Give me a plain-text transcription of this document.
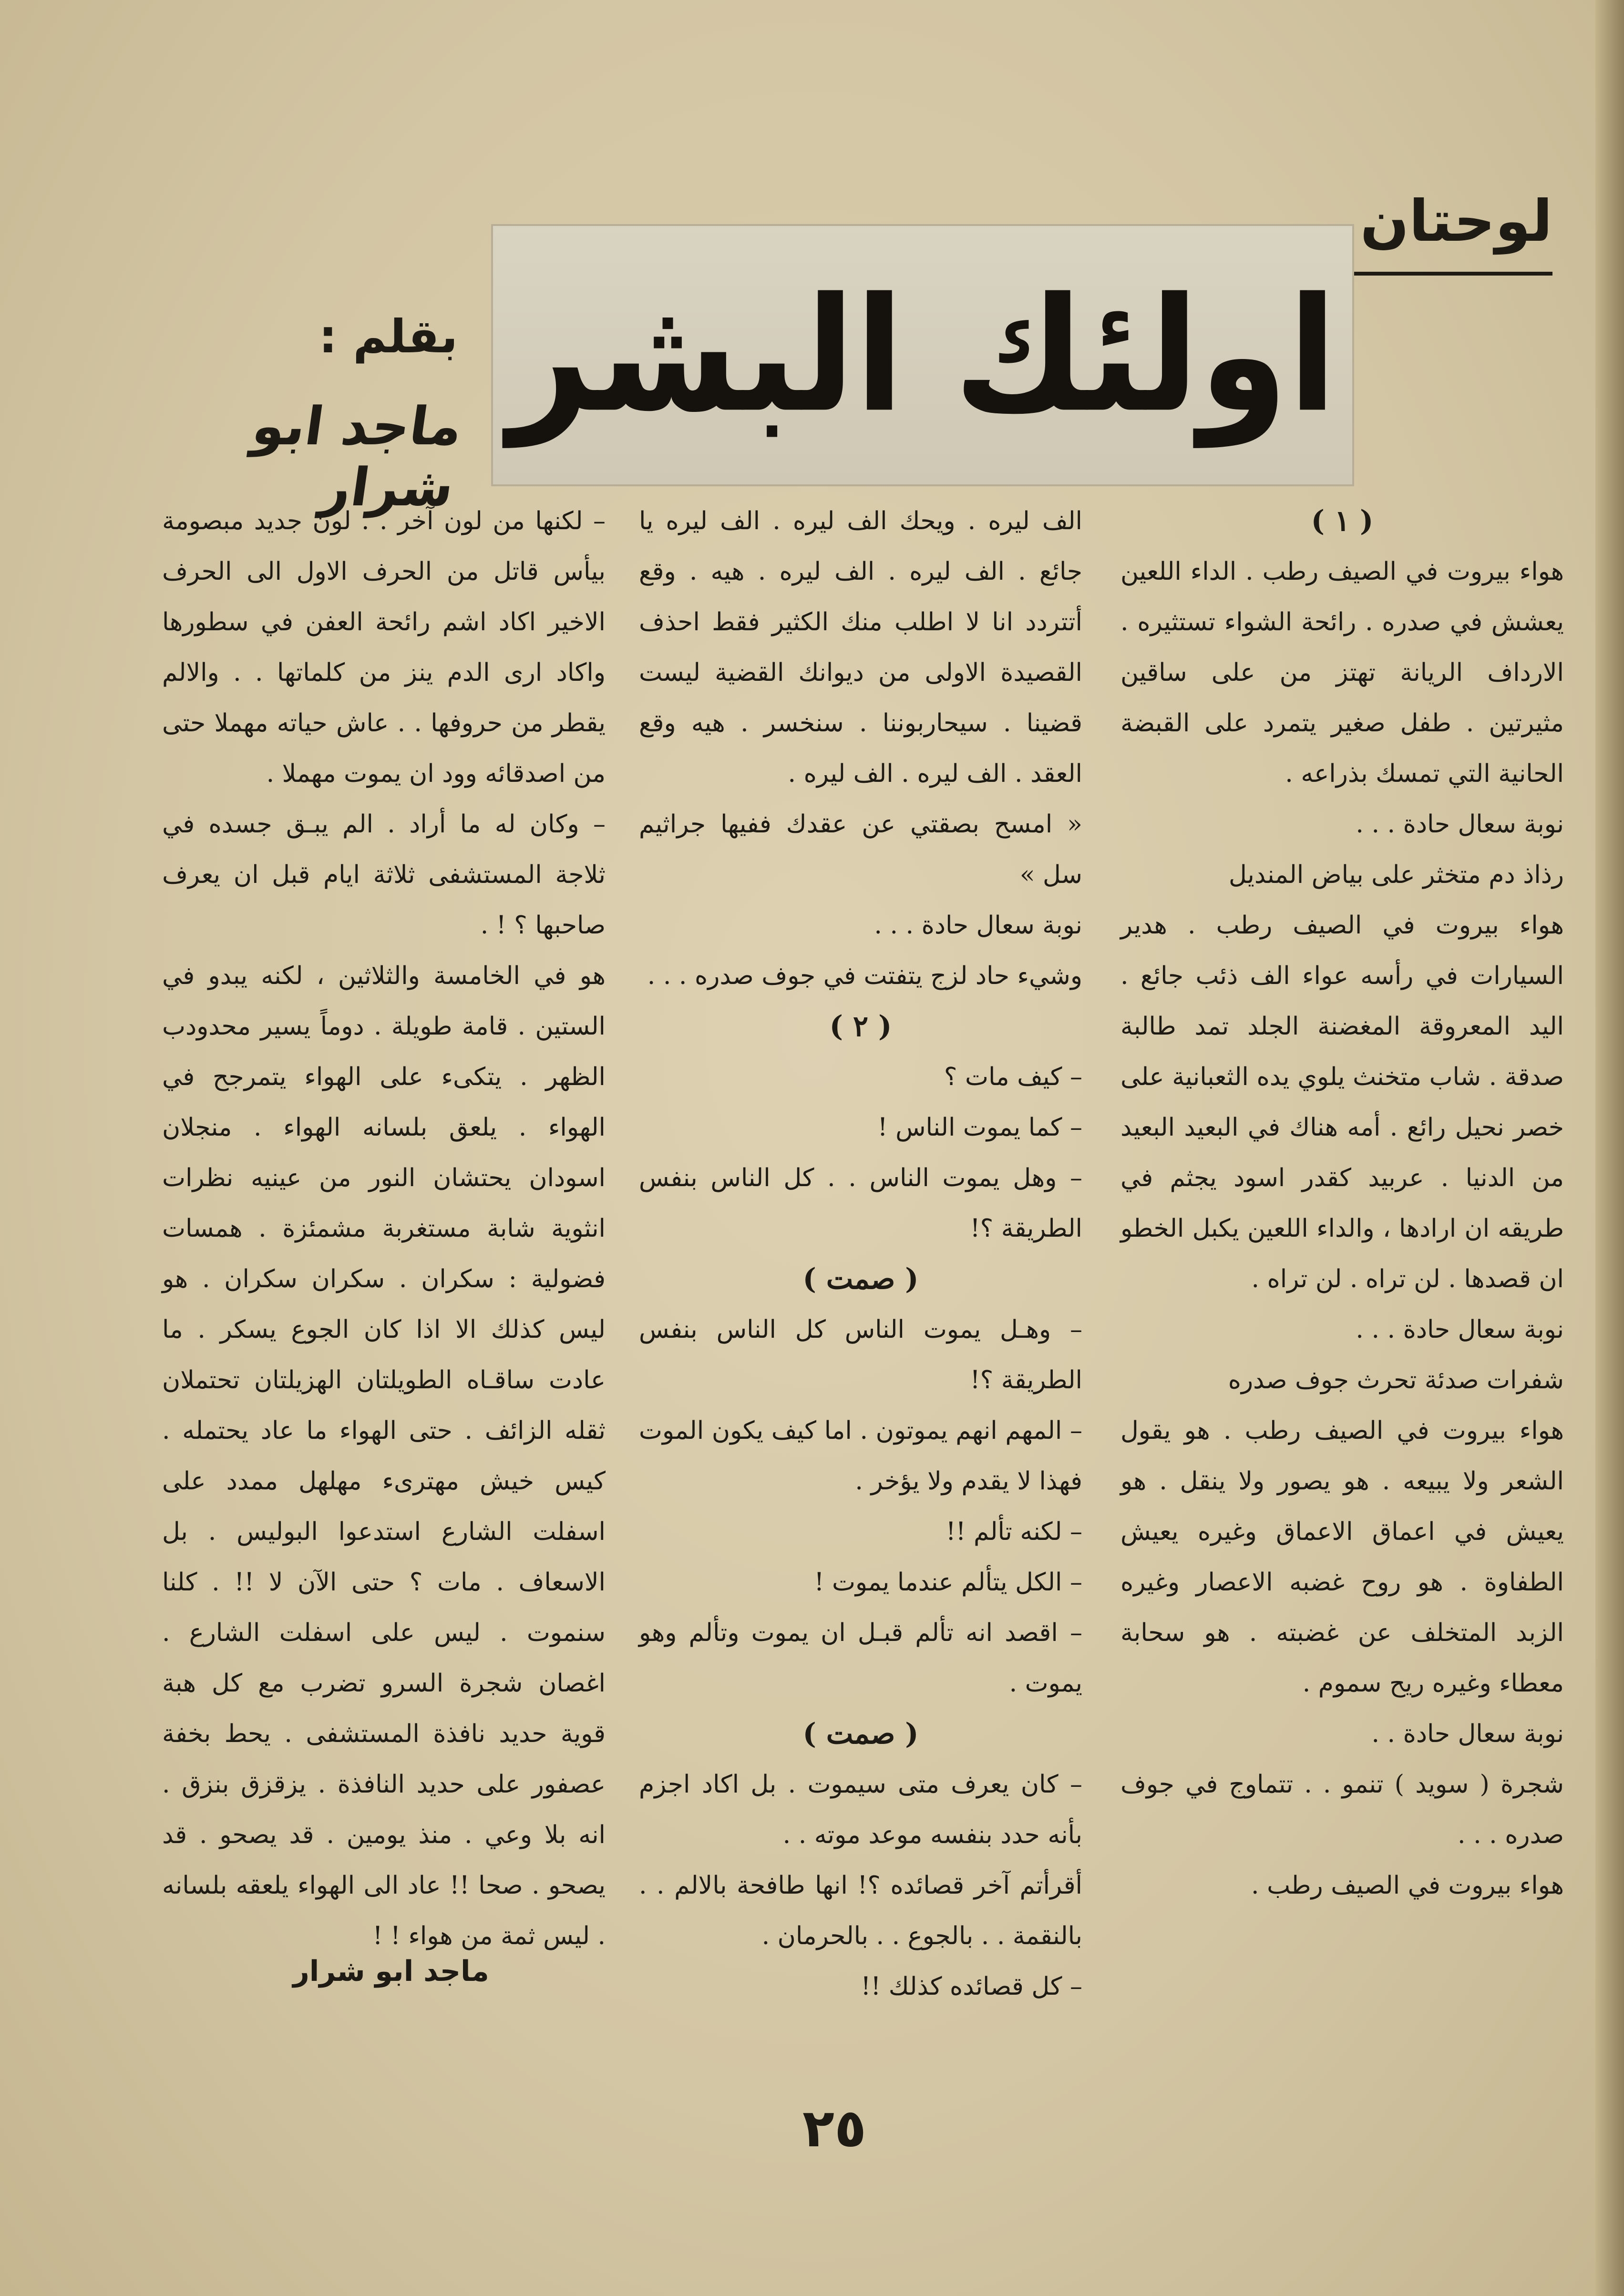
لوحتان
اولئك البشر
بقلم :
ماجد ابو شرار

( ١ )

هواء بيروت في الصيف رطب . الداء اللعين يعشش في صدره . رائحة الشواء تستثيره . الارداف الريانة تهتز من على ساقين مثيرتين . طفل صغير يتمرد على القبضة الحانية التي تمسك بذراعه .

نوبة سعال حادة . . .

رذاذ دم متخثر على بياض المنديل

هواء بيروت في الصيف رطب . هدير السيارات في رأسه عواء الف ذئب جائع . اليد المعروقة المغضنة الجلد تمد طالبة صدقة . شاب متخنث يلوي يده الثعبانية على خصر نحيل رائع . أمه هناك في البعيد البعيد من الدنيا . عربيد كقدر اسود يجثم في طريقه ان ارادها ، والداء اللعين يكبل الخطو ان قصدها . لن تراه . لن تراه .

نوبة سعال حادة . . .

شفرات صدئة تحرث جوف صدره

هواء بيروت في الصيف رطب . هو يقول الشعر ولا يبيعه . هو يصور ولا ينقل . هو يعيش في اعماق الاعماق وغيره يعيش الطفاوة . هو روح غضبه الاعصار وغيره الزبد المتخلف عن غضبته . هو سحابة معطاء وغيره ريح سموم .

نوبة سعال حادة . .

شجرة ( سويد ) تنمو . . تتماوج في جوف صدره . . .

هواء بيروت في الصيف رطب .

الف ليره . ويحك الف ليره . الف ليره يا جائع . الف ليره . الف ليره . هيه . وقع أتتردد انا لا اطلب منك الكثير فقط احذف القصيدة الاولى من ديوانك القضية ليست قضينا . سيحاربوننا . سنخسر . هيه وقع العقد . الف ليره . الف ليره .

« امسح بصقتي عن عقدك ففيها جراثيم سل »

نوبة سعال حادة . . .

وشيء حاد لزج يتفتت في جوف صدره . . .

( ٢ )

– كيف مات ؟

– كما يموت الناس !

– وهل يموت الناس . . كل الناس بنفس الطريقة ؟!

( صمت )

– وهـل يموت الناس كل الناس بنفس الطريقة ؟!

– المهم انهم يموتون . اما كيف يكون الموت فهذا لا يقدم ولا يؤخر .

– لكنه تألم !!

– الكل يتألم عندما يموت !

– اقصد انه تألم قبـل ان يموت وتألم وهو يموت .

( صمت )

– كان يعرف متى سيموت . بل اكاد اجزم بأنه حدد بنفسه موعد موته . .

أقرأتم آخر قصائده ؟! انها طافحة بالالم . . بالنقمة . . بالجوع . . بالحرمان .

– كل قصائده كذلك !!

– لكنها من لون آخر . . لون جديد مبصومة بيأس قاتل من الحرف الاول الى الحرف الاخير اكاد اشم رائحة العفن في سطورها واكاد ارى الدم ينز من كلماتها . . والالم يقطر من حروفها . . عاش حياته مهملا حتى من اصدقائه وود ان يموت مهملا .

– وكان له ما أراد . الم يبـق جسده في ثلاجة المستشفى ثلاثة ايام قبل ان يعرف صاحبها ؟ ! .

هو في الخامسة والثلاثين ، لكنه يبدو في الستين . قامة طويلة . دوماً يسير محدودب الظهر . يتكىء على الهواء يتمرجح في الهواء . يلعق بلسانه الهواء . منجلان اسودان يحتشان النور من عينيه نظرات انثوية شابة مستغربة مشمئزة . همسات فضولية : سكران . سكران سكران . هو ليس كذلك الا اذا كان الجوع يسكر . ما عادت ساقـاه الطويلتان الهزيلتان تحتملان ثقله الزائف . حتى الهواء ما عاد يحتمله . كيس خيش مهترىء مهلهل ممدد على اسفلت الشارع استدعوا البوليس . بل الاسعاف . مات ؟ حتى الآن لا !! . كلنا سنموت . ليس على اسفلت الشارع . اغصان شجرة السرو تضرب مع كل هبة قوية حديد نافذة المستشفى . يحط بخفة عصفور على حديد النافذة . يزقزق بنزق . انه بلا وعي . منذ يومين . قد يصحو . قد يصحو . صحا !! عاد الى الهواء يلعقه بلسانه . ليس ثمة من هواء ! !

ماجد ابو شرار
٢٥
